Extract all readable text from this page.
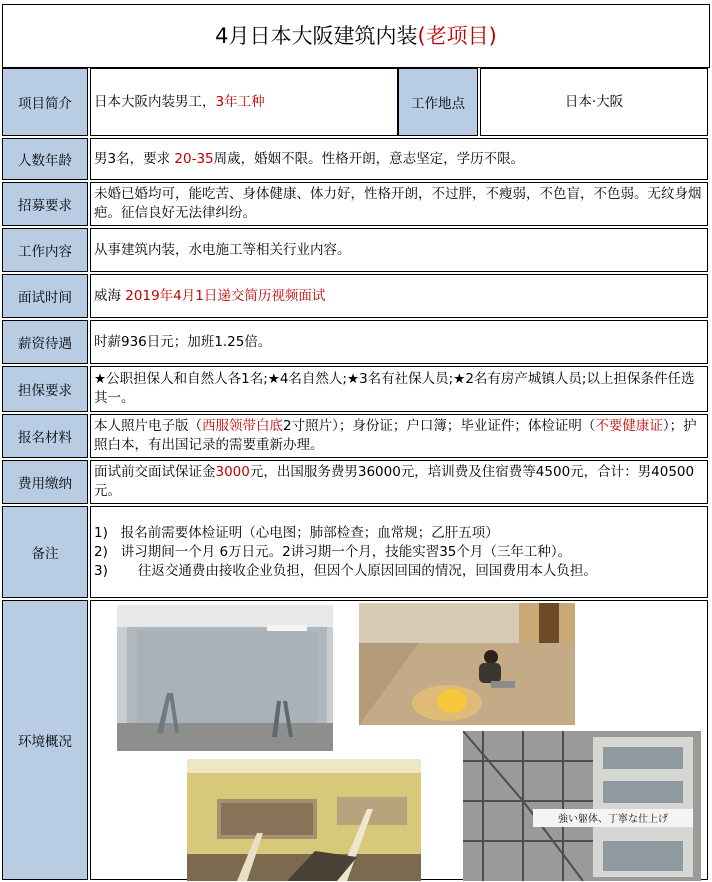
4月日本大阪建筑内装(老项目)
项目简介 日本大阪内装男工，3年工种	工作地点	日本·大阪
人数年龄 男3名，要求 20-35周歲，婚姻不限。性格开朗，意志坚定，学历不限。
招募要求
未婚已婚均可，能吃苦、身体健康、体力好，性格开朗，不过胖，不瘦弱，不色盲，不色弱。无纹身烟疤。征信良好无法律纠纷。
工作内容 从事建筑内装，水电施工等相关行业内容。
面试时间 威海 2019年4月1日递交简历视频面试
薪资待遇 时薪936日元；加班1.25倍。
担保要求
★公职担保人和自然人各1名;★4名自然人;★3名有社保人员;★2名有房产城镇人员;以上担保条件任选其一。
报名材料
本人照片电子版（西服领带白底2寸照片）；身份证；户口簿；毕业证件；体检证明（不要健康证）；护照白本，有出国记录的需要重新办理。
费用缴纳
面试前交面试保证金3000元，出国服务费男36000元，培训费及住宿费等4500元，合计：男40500元。
备注
1)   报名前需要体检证明（心电图；肺部检查；血常规；乙肝五项）
2)   讲习期间一个月 6万日元。2讲习期一个月，技能实習35个月（三年工种）。
3)       往返交通费由接收企业负担，但因个人原因回国的情况，回国费用本人负担。
环境概况
強い躯体、丁寧な仕上げ
